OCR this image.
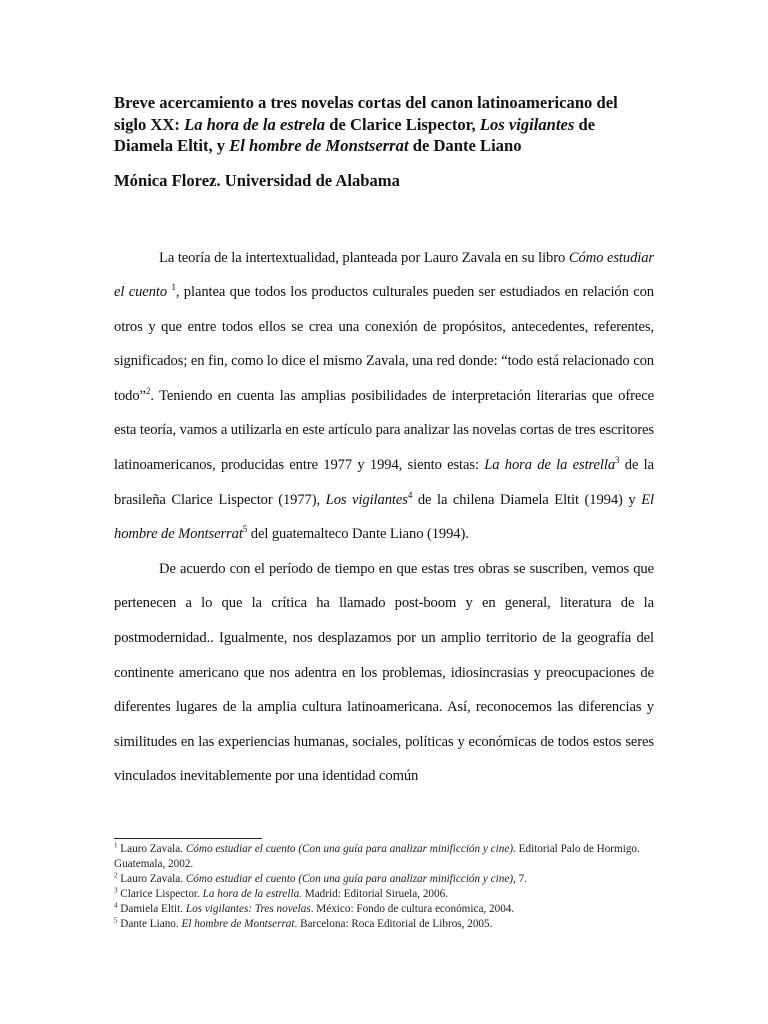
Breve acercamiento a tres novelas cortas del canon latinoamericano del siglo XX: La hora de la estrela de Clarice Lispector, Los vigilantes de Diamela Eltit, y El hombre de Monstserrat de Dante Liano

Mónica Florez. Universidad de Alabama

La teoría de la intertextualidad, planteada por Lauro Zavala en su libro Cómo estudiar el cuento $^1$, plantea que todos los productos culturales pueden ser estudiados en relación con otros y que entre todos ellos se crea una conexión de propósitos, antecedentes, referentes, significados; en fin, como lo dice el mismo Zavala, una red donde: “todo está relacionado con todo”$^2$. Teniendo en cuenta las amplias posibilidades de interpretación literarias que ofrece esta teoría, vamos a utilizarla en este artículo para analizar las novelas cortas de tres escritores latinoamericanos, producidas entre 1977 y 1994, siento estas: La hora de la estrella$^3$ de la brasileña Clarice Lispector (1977), Los vigilantes$^4$ de la chilena Diamela Eltit (1994) y El hombre de Montserrat$^5$ del guatemalteco Dante Liano (1994).

De acuerdo con el período de tiempo en que estas tres obras se suscriben, vemos que pertenecen a lo que la crítica ha llamado post-boom y en general, literatura de la postmodernidad.. Igualmente, nos desplazamos por un amplio territorio de la geografía del continente americano que nos adentra en los problemas, idiosincrasias y preocupaciones de diferentes lugares de la amplia cultura latinoamericana. Así, reconocemos las diferencias y similitudes en las experiencias humanas, sociales, políticas y económicas de todos estos seres vinculados inevitablemente por una identidad común

$^1$ Lauro Zavala. Cómo estudiar el cuento (Con una guía para analizar minificción y cine). Editorial Palo de Hormigo. Guatemala, 2002.

$^2$ Lauro Zavala. Cómo estudiar el cuento (Con una guía para analizar minificción y cine), 7.

$^3$ Clarice Lispector. La hora de la estrella. Madrid: Editorial Siruela, 2006.

$^4$ Damiela Eltit. Los vigilantes: Tres novelas. México: Fondo de cultura económica, 2004.

$^5$ Dante Liano. El hombre de Montserrat. Barcelona: Roca Editorial de Libros, 2005.
